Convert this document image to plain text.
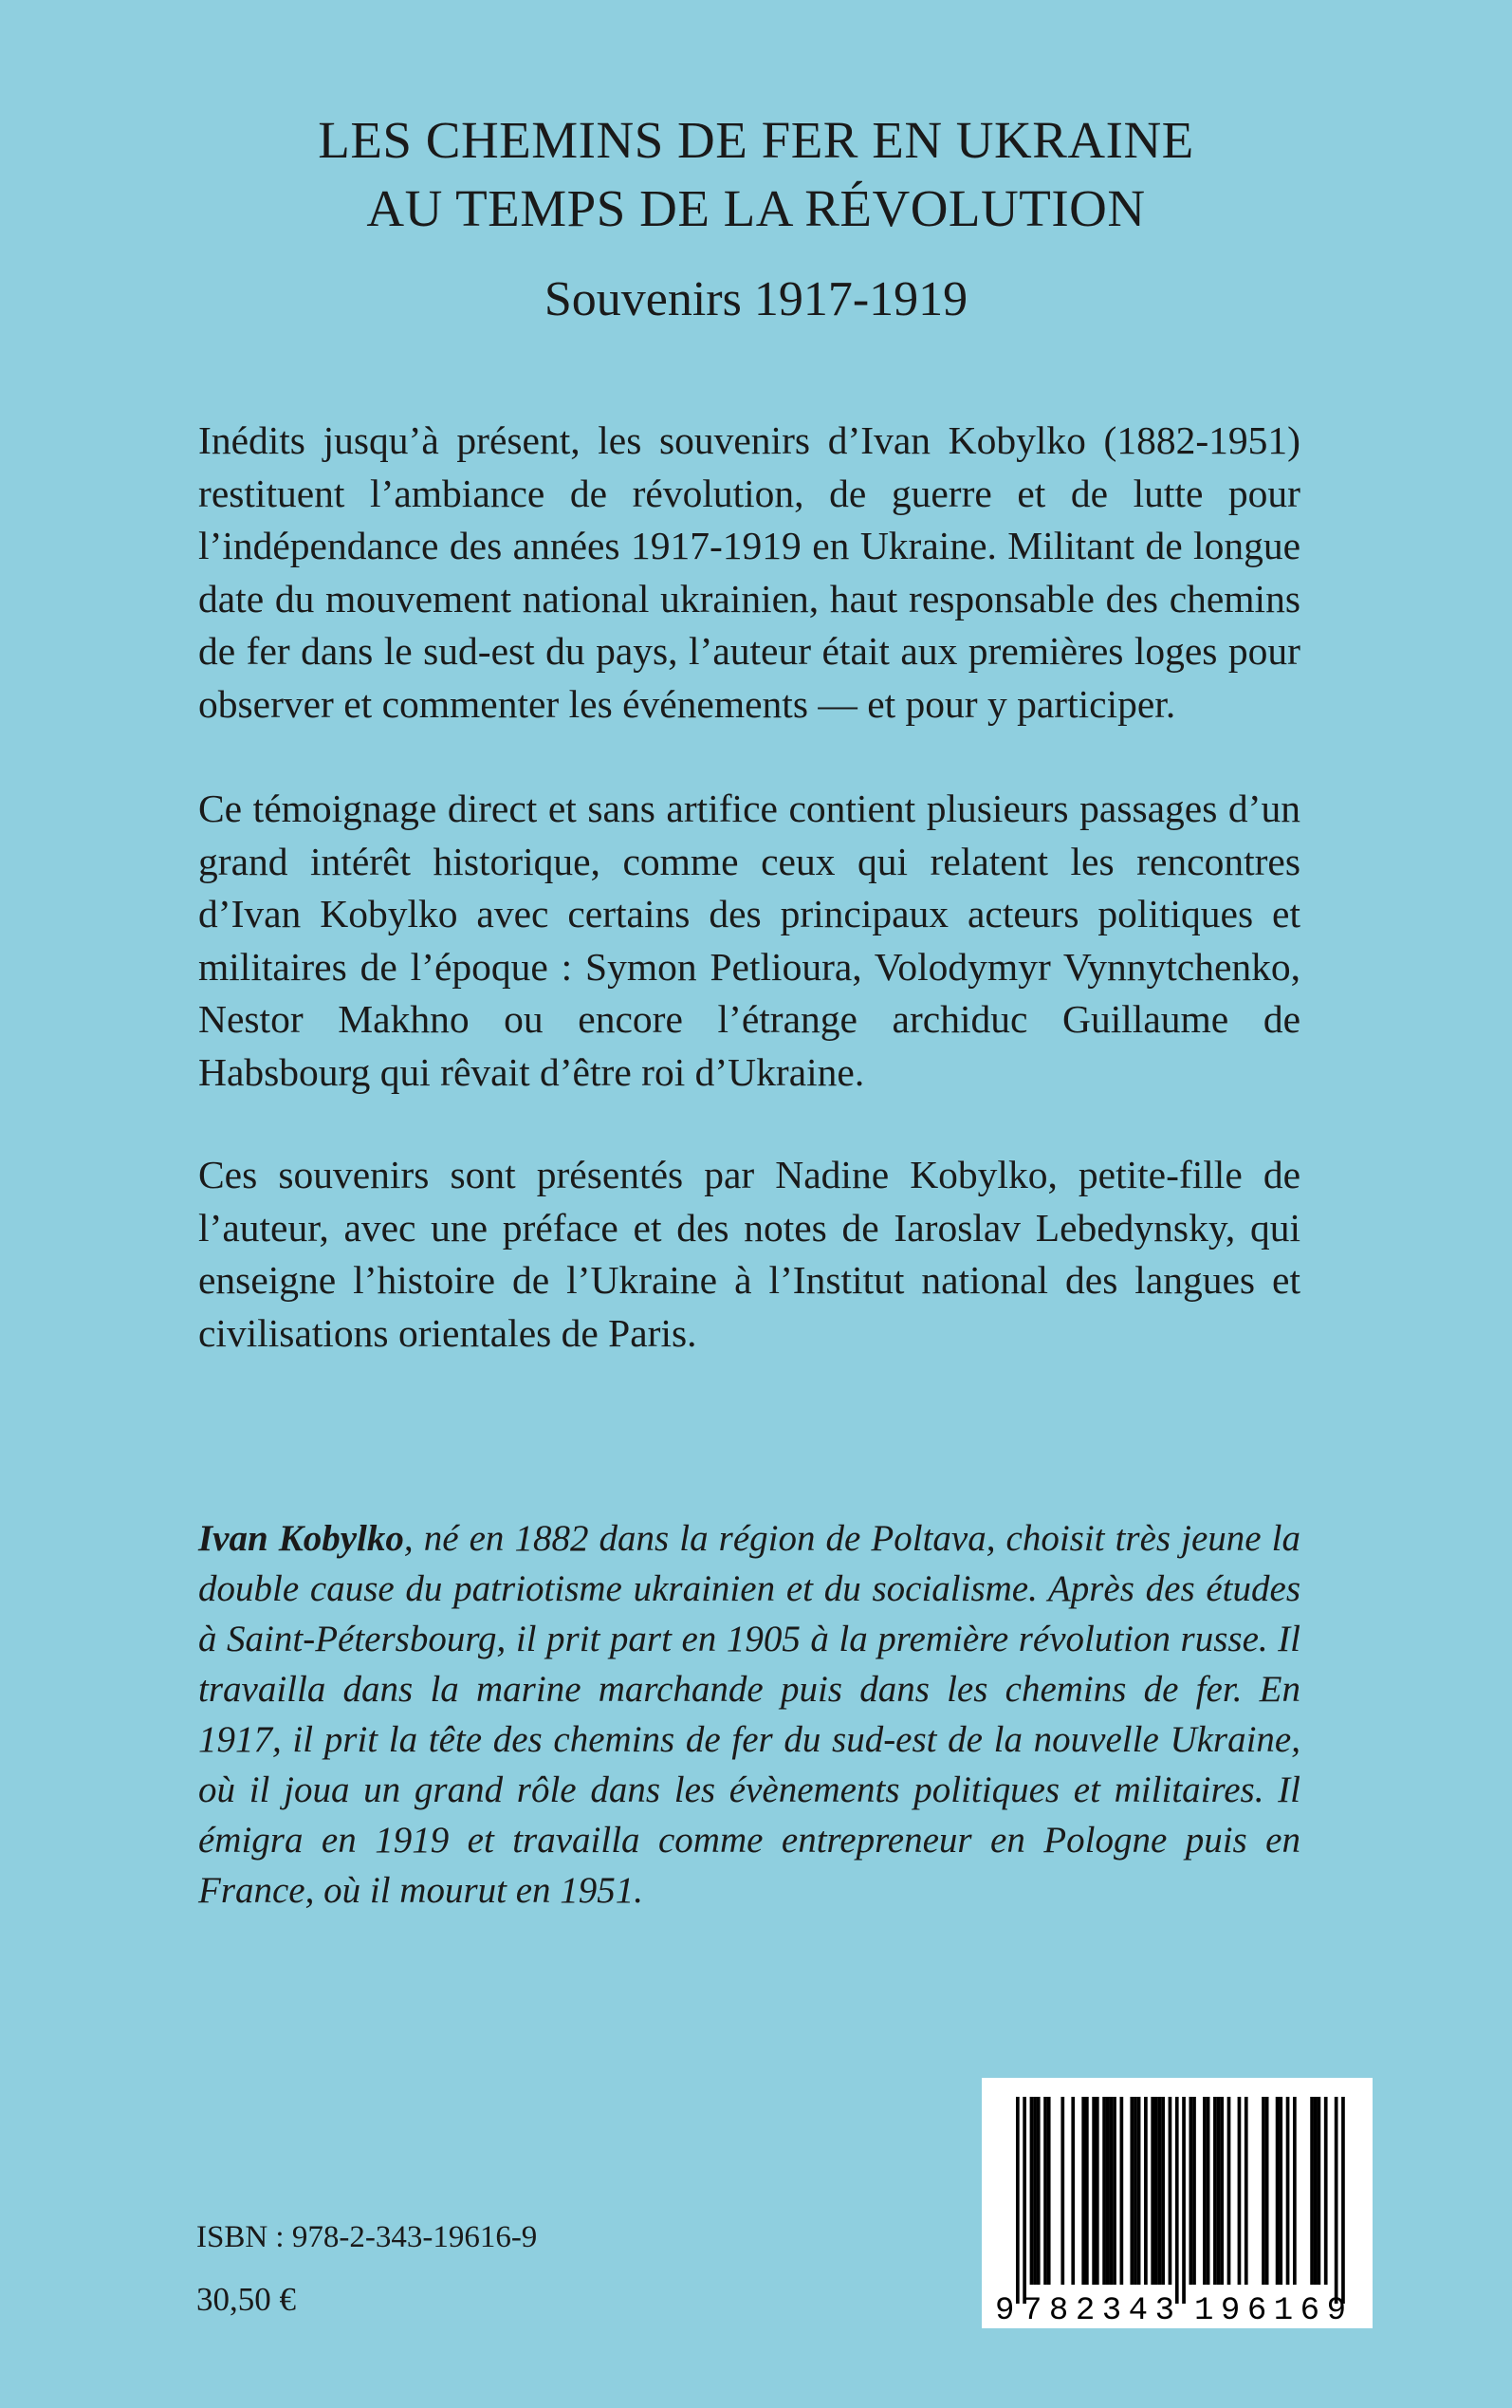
LES CHEMINS DE FER EN UKRAINE
AU TEMPS DE LA RÉVOLUTION
Souvenirs 1917-1919
Inédits jusqu’à présent, les souvenirs d’Ivan Kobylko (1882-1951) restituent l’ambiance de révolution, de guerre et de lutte pour l’indépendance des années 1917-1919 en Ukraine. Militant de longue date du mouvement national ukrainien, haut responsable des chemins de fer dans le sud-est du pays, l’auteur était aux premières loges pour observer et commenter les événements — et pour y participer.
Ce témoignage direct et sans artifice contient plusieurs passages d’un grand intérêt historique, comme ceux qui relatent les rencontres d’Ivan Kobylko avec certains des principaux acteurs politiques et militaires de l’époque : Symon Petlioura, Volodymyr Vynnytchenko, Nestor Makhno ou encore l’étrange archiduc Guillaume de Habsbourg qui rêvait d’être roi d’Ukraine.
Ces souvenirs sont présentés par Nadine Kobylko, petite-fille de l’auteur, avec une préface et des notes de Iaroslav Lebedynsky, qui enseigne l’histoire de l’Ukraine à l’Institut national des langues et civilisations orientales de Paris.
Ivan Kobylko, né en 1882 dans la région de Poltava, choisit très jeune la double cause du patriotisme ukrainien et du socialisme. Après des études à Saint-Pétersbourg, il prit part en 1905 à la première révolution russe. Il travailla dans la marine marchande puis dans les chemins de fer. En 1917, il prit la tête des chemins de fer du sud-est de la nouvelle Ukraine, où il joua un grand rôle dans les évènements politiques et militaires. Il émigra en 1919 et travailla comme entrepreneur en Pologne puis en France, où il mourut en 1951.
ISBN : 978-2-343-19616-9
30,50 €	9 782343 196169
